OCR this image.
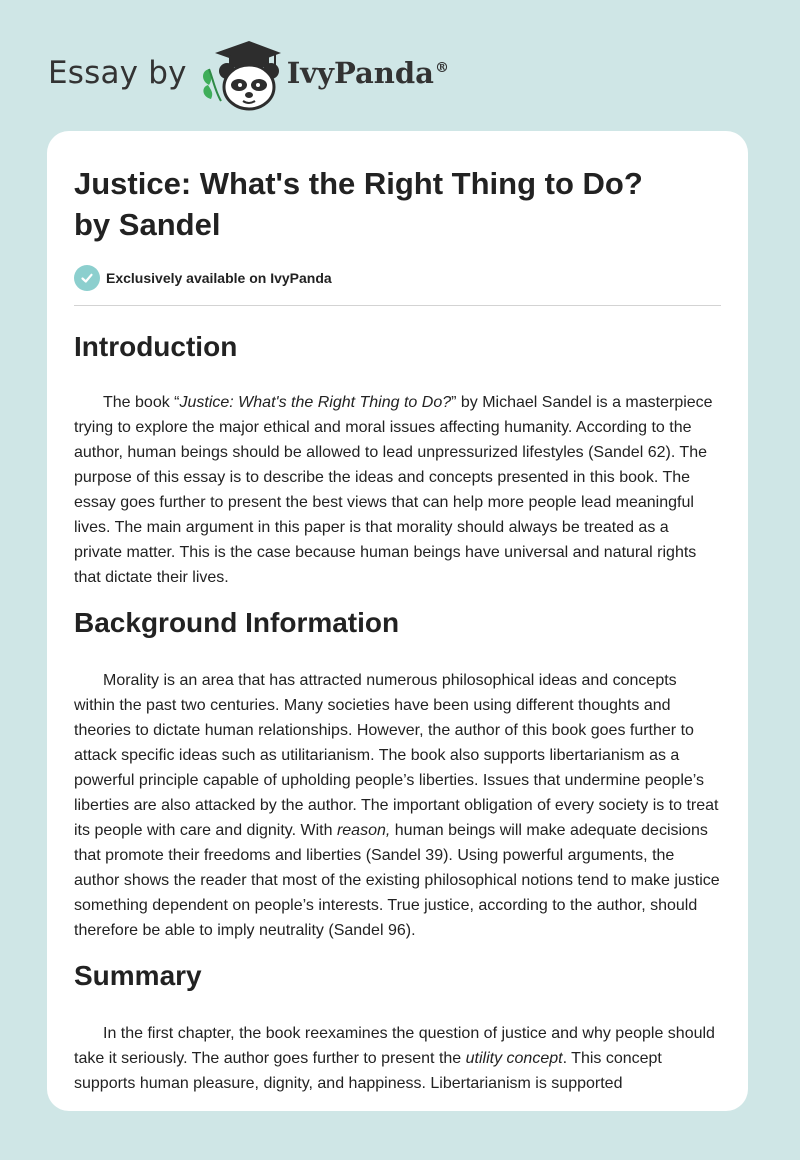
Essay by	IvyPanda®
Justice: What's the Right Thing to Do?
by Sandel
Exclusively available on IvyPanda
Introduction

The book “Justice: What's the Right Thing to Do?” by Michael Sandel is a masterpiece trying to explore the major ethical and moral issues affecting humanity. According to the author, human beings should be allowed to lead unpressurized lifestyles (Sandel 62). The purpose of this essay is to describe the ideas and concepts presented in this book. The essay goes further to present the best views that can help more people lead meaningful lives. The main argument in this paper is that morality should always be treated as a private matter. This is the case because human beings have universal and natural rights that dictate their lives.

Background Information

Morality is an area that has attracted numerous philosophical ideas and concepts within the past two centuries. Many societies have been using different thoughts and theories to dictate human relationships. However, the author of this book goes further to attack specific ideas such as utilitarianism. The book also supports libertarianism as a powerful principle capable of upholding people’s liberties. Issues that undermine people’s liberties are also attacked by the author. The important obligation of every society is to treat its people with care and dignity. With reason, human beings will make adequate decisions that promote their freedoms and liberties (Sandel 39). Using powerful arguments, the author shows the reader that most of the existing philosophical notions tend to make justice something dependent on people’s interests. True justice, according to the author, should therefore be able to imply neutrality (Sandel 96).

Summary

In the first chapter, the book reexamines the question of justice and why people should take it seriously. The author goes further to present the utility concept. This concept supports human pleasure, dignity, and happiness. Libertarianism is supported
